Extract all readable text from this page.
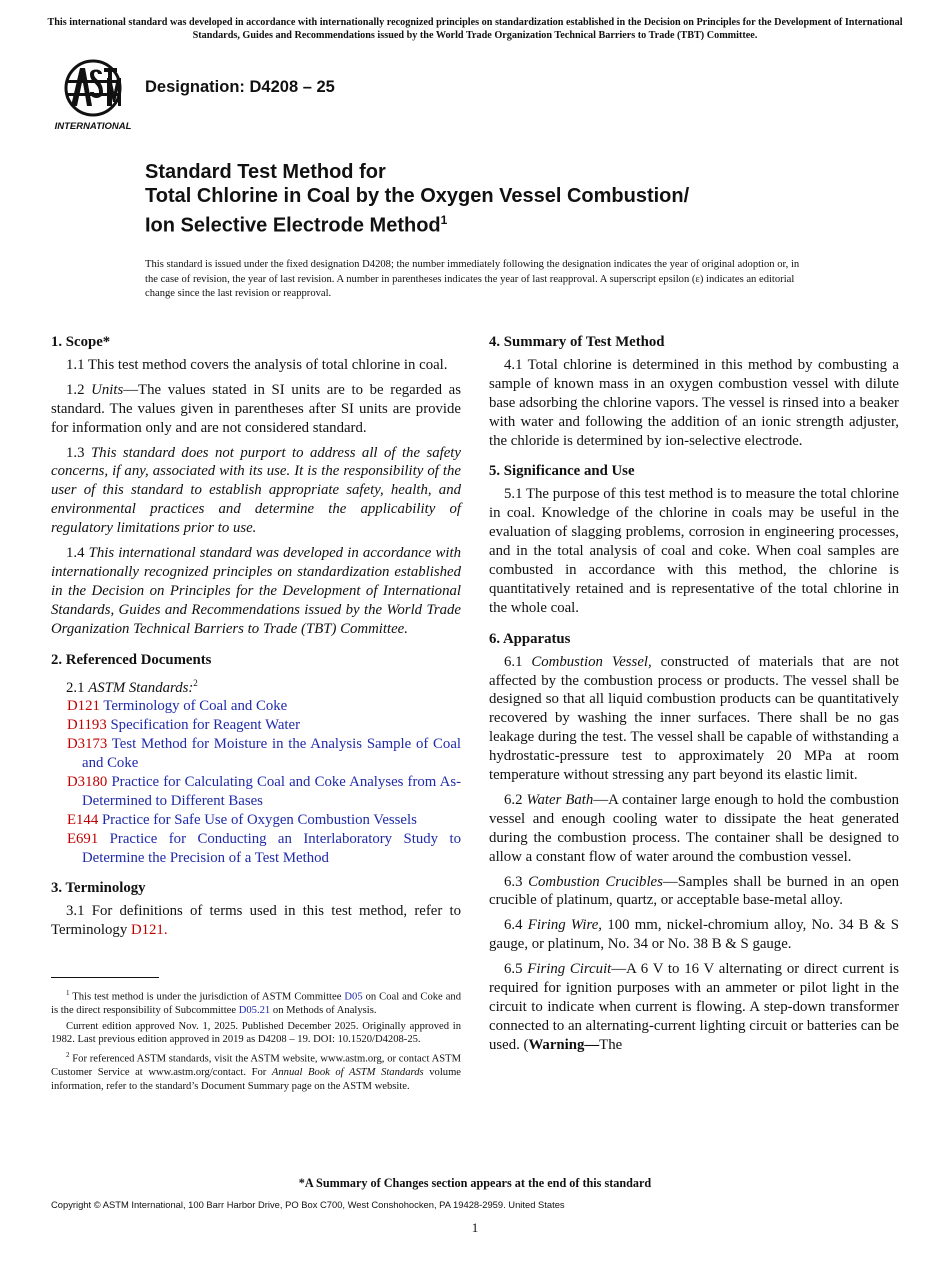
This international standard was developed in accordance with internationally recognized principles on standardization established in the Decision on Principles for the Development of International Standards, Guides and Recommendations issued by the World Trade Organization Technical Barriers to Trade (TBT) Committee.
INTERNATIONAL
Designation: D4208 – 25
Standard Test Method for
Total Chlorine in Coal by the Oxygen Vessel Combustion/
Ion Selective Electrode Method$^1$
This standard is issued under the fixed designation D4208; the number immediately following the designation indicates the year of original adoption or, in the case of revision, the year of last revision. A number in parentheses indicates the year of last reapproval. A superscript epsilon (ε) indicates an editorial change since the last revision or reapproval.
1. Scope*
1.1 This test method covers the analysis of total chlorine in coal.
1.2 Units—The values stated in SI units are to be regarded as standard. The values given in parentheses after SI units are provide for information only and are not considered standard.
1.3 This standard does not purport to address all of the safety concerns, if any, associated with its use. It is the responsibility of the user of this standard to establish appropriate safety, health, and environmental practices and determine the applicability of regulatory limitations prior to use.
1.4 This international standard was developed in accordance with internationally recognized principles on standardization established in the Decision on Principles for the Development of International Standards, Guides and Recommendations issued by the World Trade Organization Technical Barriers to Trade (TBT) Committee.
2. Referenced Documents
2.1 ASTM Standards:$^2$
D121 Terminology of Coal and Coke
D1193 Specification for Reagent Water
D3173 Test Method for Moisture in the Analysis Sample of Coal and Coke
D3180 Practice for Calculating Coal and Coke Analyses from As-Determined to Different Bases
E144 Practice for Safe Use of Oxygen Combustion Vessels
E691 Practice for Conducting an Interlaboratory Study to Determine the Precision of a Test Method
3. Terminology
3.1 For definitions of terms used in this test method, refer to Terminology D121.
$^1$ This test method is under the jurisdiction of ASTM Committee D05 on Coal and Coke and is the direct responsibility of Subcommittee D05.21 on Methods of Analysis.
Current edition approved Nov. 1, 2025. Published December 2025. Originally approved in 1982. Last previous edition approved in 2019 as D4208 – 19. DOI: 10.1520/D4208-25.
$^2$ For referenced ASTM standards, visit the ASTM website, www.astm.org, or contact ASTM Customer Service at www.astm.org/contact. For Annual Book of ASTM Standards volume information, refer to the standard’s Document Summary page on the ASTM website.
4. Summary of Test Method
4.1 Total chlorine is determined in this method by combusting a sample of known mass in an oxygen combustion vessel with dilute base adsorbing the chlorine vapors. The vessel is rinsed into a beaker with water and following the addition of an ionic strength adjuster, the chloride is determined by ion-selective electrode.
5. Significance and Use
5.1 The purpose of this test method is to measure the total chlorine in coal. Knowledge of the chlorine in coals may be useful in the evaluation of slagging problems, corrosion in engineering processes, and in the total analysis of coal and coke. When coal samples are combusted in accordance with this method, the chlorine is quantitatively retained and is representative of the total chlorine in the whole coal.
6. Apparatus
6.1 Combustion Vessel, constructed of materials that are not affected by the combustion process or products. The vessel shall be designed so that all liquid combustion products can be quantitatively recovered by washing the inner surfaces. There shall be no gas leakage during the test. The vessel shall be capable of withstanding a hydrostatic-pressure test to approximately 20 MPa at room temperature without stressing any part beyond its elastic limit.
6.2 Water Bath—A container large enough to hold the combustion vessel and enough cooling water to dissipate the heat generated during the combustion process. The container shall be designed to allow a constant flow of water around the combustion vessel.
6.3 Combustion Crucibles—Samples shall be burned in an open crucible of platinum, quartz, or acceptable base-metal alloy.
6.4 Firing Wire, 100 mm, nickel-chromium alloy, No. 34 B & S gauge, or platinum, No. 34 or No. 38 B & S gauge.
6.5 Firing Circuit—A 6 V to 16 V alternating or direct current is required for ignition purposes with an ammeter or pilot light in the circuit to indicate when current is flowing. A step-down transformer connected to an alternating-current lighting circuit or batteries can be used. (Warning—The
*A Summary of Changes section appears at the end of this standard
Copyright © ASTM International, 100 Barr Harbor Drive, PO Box C700, West Conshohocken, PA 19428-2959. United States
1
